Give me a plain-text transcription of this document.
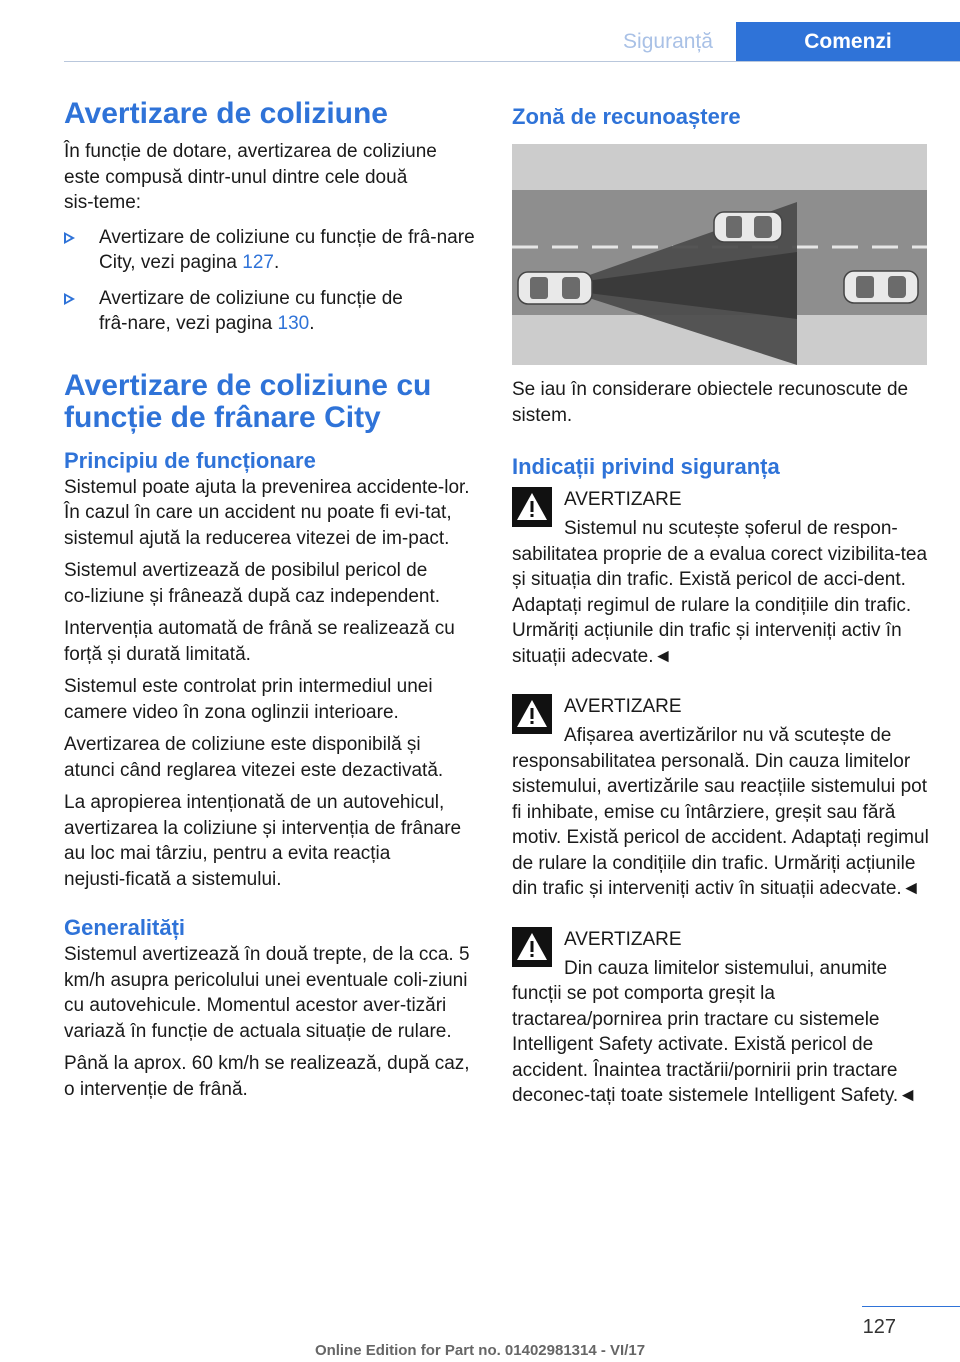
Siguranță	Comenzi
Avertizare de coliziune

În funcție de dotare, avertizarea de coliziune este compusă dintr‑unul dintre cele două sis‑teme:

Avertizare de coliziune cu funcție de frâ‑nare City, vezi pagina 127.
Avertizare de coliziune cu funcție de frâ‑nare, vezi pagina 130.
Avertizare de coliziune cu funcție de frânare City
Principiu de funcționare

Sistemul poate ajuta la prevenirea accidente‑lor. În cazul în care un accident nu poate fi evi‑tat, sistemul ajută la reducerea vitezei de im‑pact.

Sistemul avertizează de posibilul pericol de co‑liziune și frânează după caz independent.

Intervenția automată de frână se realizează cu forță și durată limitată.

Sistemul este controlat prin intermediul unei camere video în zona oglinzii interioare.

Avertizarea de coliziune este disponibilă și atunci când reglarea vitezei este dezactivată.

La apropierea intenționată de un autovehicul, avertizarea la coliziune și intervenția de frânare au loc mai târziu, pentru a evita reacția nejusti‑ficată a sistemului.

Generalități

Sistemul avertizează în două trepte, de la cca. 5 km/h asupra pericolului unei eventuale coli‑ziuni cu autovehicule. Momentul acestor aver‑tizări variază în funcție de actuala situație de rulare.

Până la aprox. 60 km/h se realizează, după caz, o intervenție de frână.

Zonă de recunoaștere

Se iau în considerare obiectele recunoscute de sistem.

Indicații privind siguranța
AVERTIZARE
Sistemul nu scutește șoferul de respon‑

sabilitatea proprie de a evalua corect vizibilita‑tea și situația din trafic. Există pericol de acci‑dent. Adaptați regimul de rulare la condițiile din trafic. Urmăriți acțiunile din trafic și interveniți activ în situații adecvate.◄

AVERTIZARE
Afișarea avertizărilor nu vă scutește de

responsabilitatea personală. Din cauza limitelor sistemului, avertizările sau reacțiile sistemului pot fi inhibate, emise cu întârziere, greșit sau fără motiv. Există pericol de accident. Adaptați regimul de rulare la condițiile din trafic. Urmăriți acțiunile din trafic și interveniți activ în situații adecvate.◄

AVERTIZARE
Din cauza limitelor sistemului, anumite

funcții se pot comporta greșit la tractarea/pornirea prin tractare cu sistemele Intelligent Safety activate. Există pericol de accident. Înaintea tractării/pornirii prin tractare deconec‑tați toate sistemele Intelligent Safety.◄

127
Online Edition for Part no. 01402981314 - VI/17
